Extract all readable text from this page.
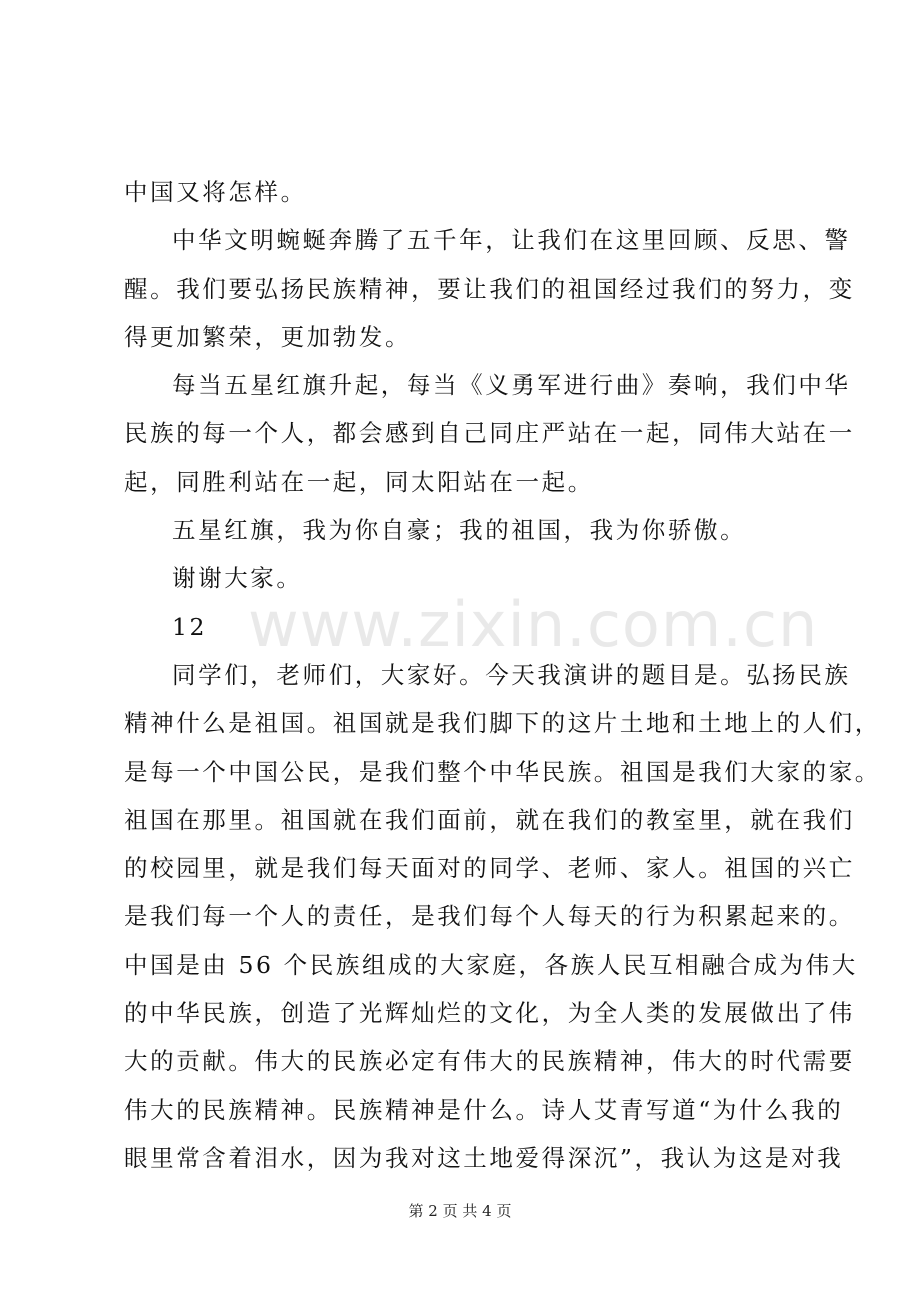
www.zixin.com.cn
中国又将怎样。
中华文明蜿蜒奔腾了五千年，让我们在这里回顾、反思、警
醒。我们要弘扬民族精神，要让我们的祖国经过我们的努力，变
得更加繁荣，更加勃发。
每当五星红旗升起，每当《义勇军进行曲》奏响，我们中华
民族的每一个人，都会感到自己同庄严站在一起，同伟大站在一
起，同胜利站在一起，同太阳站在一起。
五星红旗，我为你自豪；我的祖国，我为你骄傲。
谢谢大家。
12
同学们，老师们，大家好。今天我演讲的题目是。弘扬民族
精神什么是祖国。祖国就是我们脚下的这片土地和土地上的人们，
是每一个中国公民，是我们整个中华民族。祖国是我们大家的家。
祖国在那里。祖国就在我们面前，就在我们的教室里，就在我们
的校园里，就是我们每天面对的同学、老师、家人。祖国的兴亡
是我们每一个人的责任，是我们每个人每天的行为积累起来的。
中国是由 56 个民族组成的大家庭，各族人民互相融合成为伟大
的中华民族，创造了光辉灿烂的文化，为全人类的发展做出了伟
大的贡献。伟大的民族必定有伟大的民族精神，伟大的时代需要
伟大的民族精神。民族精神是什么。诗人艾青写道“为什么我的
眼里常含着泪水，因为我对这土地爱得深沉”，我认为这是对我
第 2 页 共 4 页
